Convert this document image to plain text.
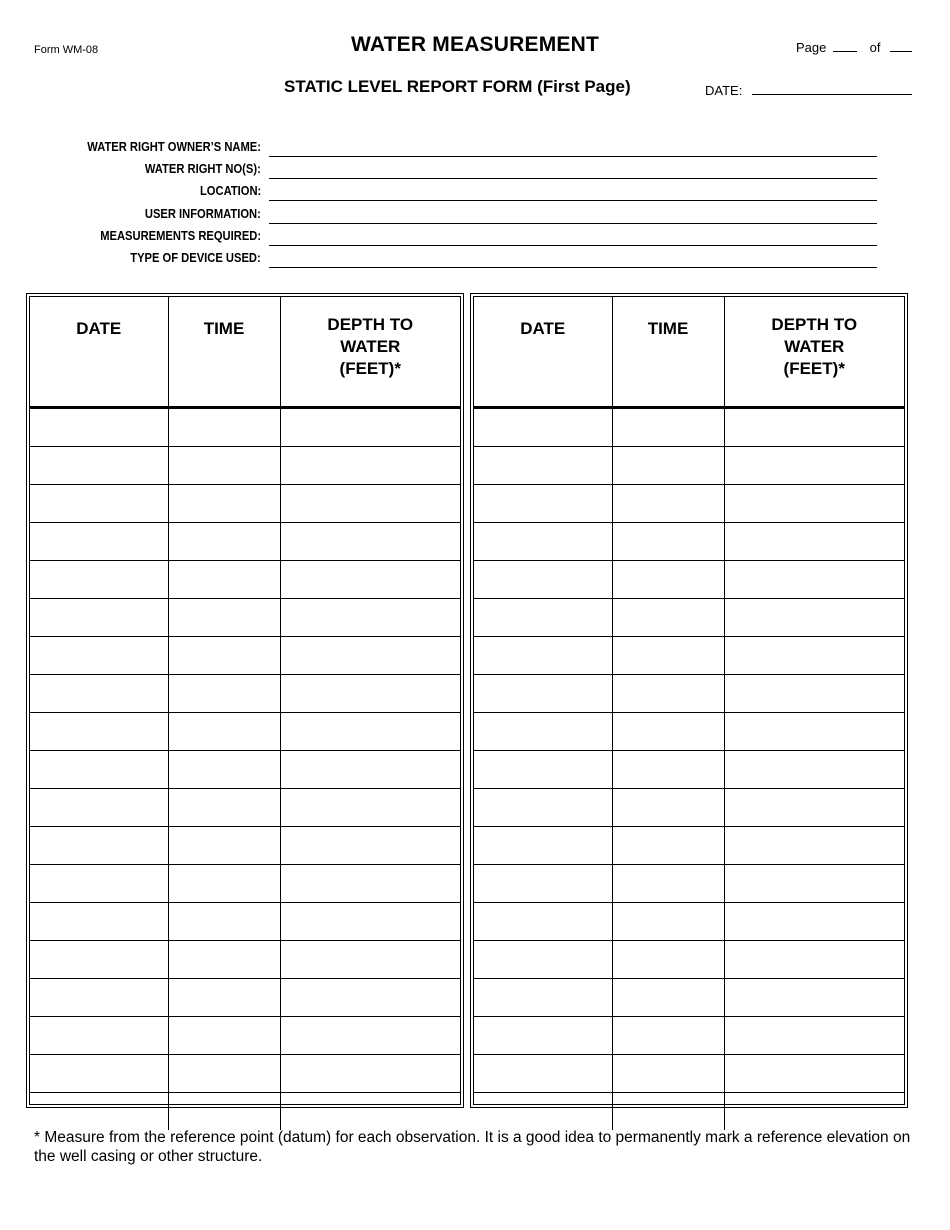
Form WM-08	WATER MEASUREMENT	Page	of
STATIC LEVEL REPORT FORM (First Page)	DATE:
WATER RIGHT OWNER’S NAME:
WATER RIGHT NO(S):
LOCATION:
USER INFORMATION:
MEASUREMENTS REQUIRED:
TYPE OF DEVICE USED:
DATE	TIME	DEPTH TO
WATER
(FEET)*

DATE	TIME	DEPTH TO
WATER
(FEET)*

* Measure from the reference point (datum) for each observation. It is a good idea to permanently mark a reference elevation on the well casing or other structure.
